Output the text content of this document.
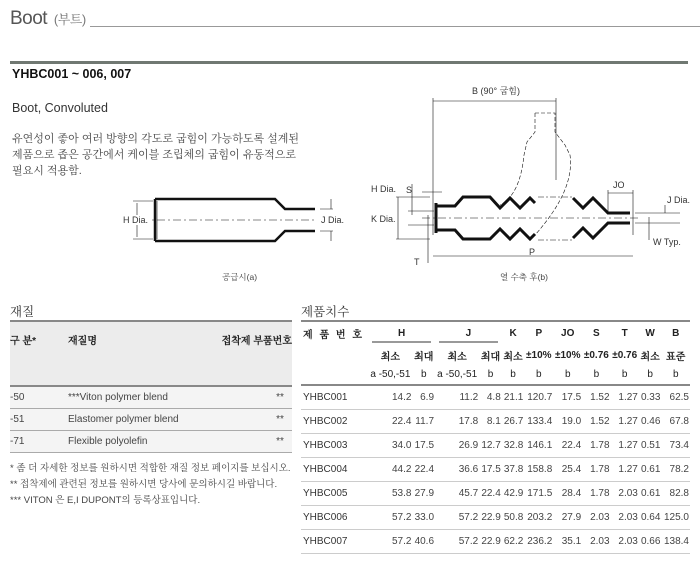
Boot (부트)
YHBC001 ~ 006, 007
Boot, Convoluted
유연성이 좋아 여러 방향의 각도로 굽힘이 가능하도록 설계된 제품으로 좁은 공간에서 케이블 조립체의 굽힘이 유동적으로 필요시 적용함.
H Dia.	J Dia.
공급시(a)
B (90° 굽힘)
S
H Dia.
K Dia.
T
P
JO
J Dia.
W Typ.
열 수축 후(b)
재질
구 분*	재질명	접착제 부품번호
-50	***Viton polymer blend	**
-51	Elastomer polymer blend	**
-71	Flexible polyolefin	**
* 좀 더 자세한 정보를 원하시면 적합한 재질 정보 페이지를 보십시오.
** 접착제에 관련된 정보를 원하시면 당사에 문의하시길 바랍니다.
*** VITON 은 E,I DUPONT의 등록상표입니다.
제품치수
제 품 번 호	H		J		K	P	JO	S	T	W	B
	최소	최대	최소	최대	최소	±10%	±10%	±0.76	±0.76	최소	표준
	a -50,-51	b	a -50,-51	b	b	b	b	b	b	b	b
YHBC001	14.2	6.9	11.2	4.8	21.1	120.7	17.5	1.52	1.27	0.33	62.5
YHBC002	22.4	11.7	17.8	8.1	26.7	133.4	19.0	1.52	1.27	0.46	67.8
YHBC003	34.0	17.5	26.9	12.7	32.8	146.1	22.4	1.78	1.27	0.51	73.4
YHBC004	44.2	22.4	36.6	17.5	37.8	158.8	25.4	1.78	1.27	0.61	78.2
YHBC005	53.8	27.9	45.7	22.4	42.9	171.5	28.4	1.78	2.03	0.61	82.8
YHBC006	57.2	33.0	57.2	22.9	50.8	203.2	27.9	2.03	2.03	0.64	125.0
YHBC007	57.2	40.6	57.2	22.9	62.2	236.2	35.1	2.03	2.03	0.66	138.4
